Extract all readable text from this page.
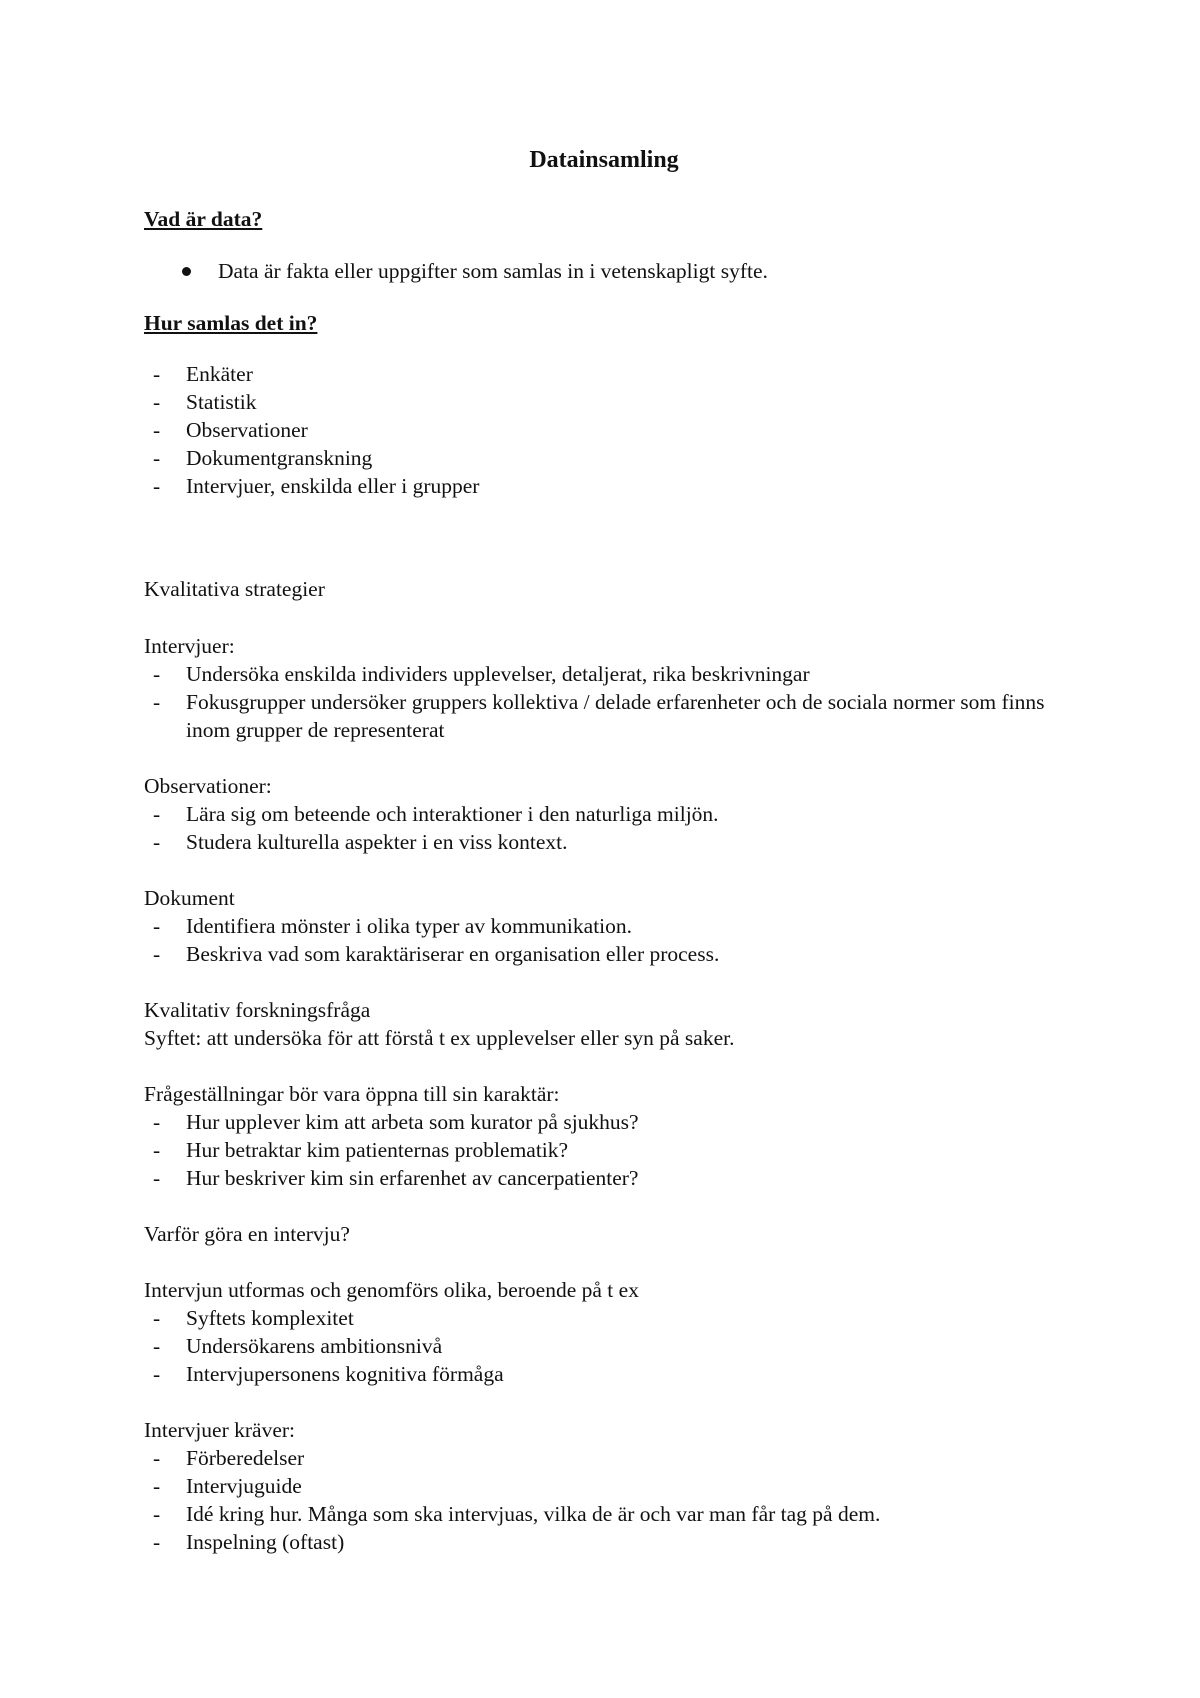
Datainsamling
Vad är data?
Data är fakta eller uppgifter som samlas in i vetenskapligt syfte.
Hur samlas det in?
- Enkäter
- Statistik
- Observationer
- Dokumentgranskning
- Intervjuer, enskilda eller i grupper

Kvalitativa strategier

Intervjuer:
- Undersöka enskilda individers upplevelser, detaljerat, rika beskrivningar
- Fokusgrupper undersöker gruppers kollektiva / delade erfarenheter och de sociala normer som finns inom grupper de representerat
Observationer:
- Lära sig om beteende och interaktioner i den naturliga miljön.
- Studera kulturella aspekter i en viss kontext.
Dokument
- Identifiera mönster i olika typer av kommunikation.
- Beskriva vad som karaktäriserar en organisation eller process.
Kvalitativ forskningsfråga
Syftet: att undersöka för att förstå t ex upplevelser eller syn på saker.
Frågeställningar bör vara öppna till sin karaktär:
- Hur upplever kim att arbeta som kurator på sjukhus?
- Hur betraktar kim patienternas problematik?
- Hur beskriver kim sin erfarenhet av cancerpatienter?

Varför göra en intervju?

Intervjun utformas och genomförs olika, beroende på t ex
- Syftets komplexitet
- Undersökarens ambitionsnivå
- Intervjupersonens kognitiva förmåga
Intervjuer kräver:
- Förberedelser
- Intervjuguide
- Idé kring hur. Många som ska intervjuas, vilka de är och var man får tag på dem.
- Inspelning (oftast)
